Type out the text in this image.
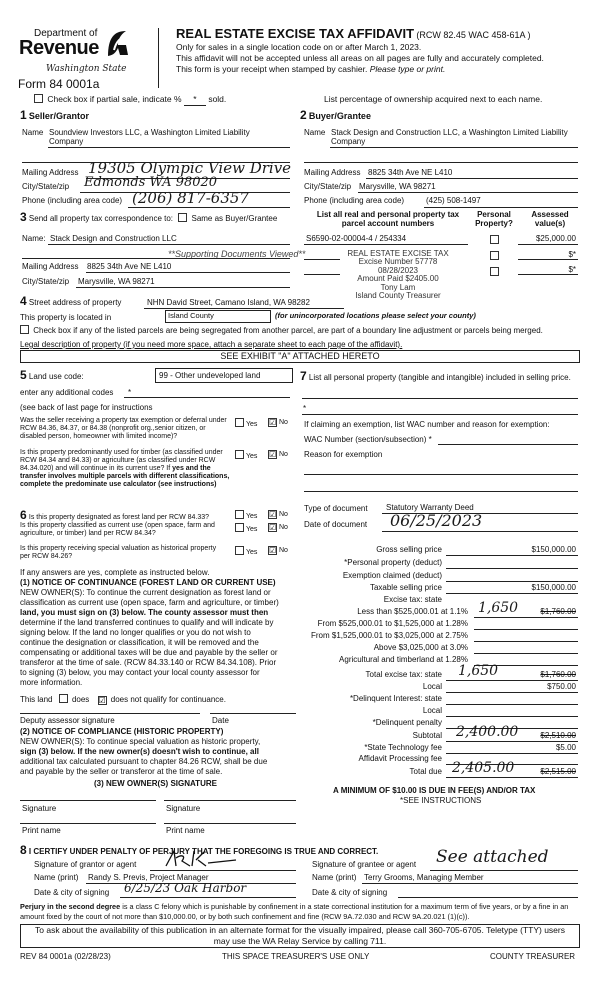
Department of
Revenue
Washington State
Form 84 0001a
REAL ESTATE EXCISE TAX AFFIDAVIT (RCW 82.45 WAC 458-61A )
Only for sales in a single location code on or after March 1, 2023.
This affidavit will not be accepted unless all areas on all pages are fully and accurately completed.
This form is your receipt when stamped by cashier. Please type or print.
Check box if partial sale, indicate % * sold.	List percentage of ownership acquired next to each name.
1 Seller/Grantor
Name Soundview Investors LLC, a Washington Limited Liability Company
Mailing Address 19305 Olympic View Drive
City/State/zip Edmonds WA 98020
Phone (including area code) (206) 817-6357
2 Buyer/Grantee
Name Stack Design and Construction LLC, a Washington Limited Liability Company
Mailing Address 8825 34th Ave NE L410
City/State/zip Marysville, WA 98271
Phone (including area code)	(425) 508-1497
3 Send all property tax correspondence to: Same as Buyer/Grantee
Name: Stack Design and Construction LLC
**Supporting Documents Viewed**
Mailing Address 8825 34th Ave NE L410
City/State/zip Marysville, WA 98271
List all real and personal property tax parcel account numbers
Personal Property?
Assessed value(s)
S6590-02-00004-4 / 254334	$25,000.00
$*
$*
REAL ESTATE EXCISE TAX
Excise Number 57778
08/28/2023
Amount Paid $2405.00
Tony Lam
Island County Treasurer
4 Street address of property	NHN David Street, Camano Island, WA 98282
This property is located in	Island County	(for unincorporated locations please select your county)
Check box if any of the listed parcels are being segregated from another parcel, are part of a boundary line adjustment or parcels being merged.
Legal description of property (if you need more space, attach a separate sheet to each page of the affidavit).
SEE EXHIBIT "A" ATTACHED HERETO
5 Land use code:	99 - Other undeveloped land
enter any additional codes *
(see back of last page for instructions
Was the seller receiving a property tax exemption or deferral under RCW 84.36, 84.37, or 84.38 (nonprofit org.,senior citizen, or disabled person, homeowner with limited income)?
Yes ☑ No
Is this property predominantly used for timber (as classified under RCW 84.34 and 84.33) or agriculture (as classified under RCW 84.34.020) and will continue in its current use? If yes and the transfer involves multiple parcels with different classifications, complete the predominate use calculator (see instructions)
Yes ☑ No
6 Is this property designated as forest land per RCW 84.33?	Yes ☑ No
Is this property classified as current use (open space, farm and agriculture, or timber) land per RCW 84.34?
Yes ☑ No
Is this property receiving special valuation as historical property per RCW 84.26?
Yes ☑ No
If any answers are yes, complete as instructed below.
(1) NOTICE OF CONTINUANCE (FOREST LAND OR CURRENT USE)
NEW OWNER(S): To continue the current designation as forest land or
classification as current use (open space, farm and agriculture, or timber)
land, you must sign on (3) below. The county assessor must then
determine if the land transferred continues to qualify and will indicate by
signing below. If the land no longer qualifies or you do not wish to
continue the designation or classification, it will be removed and the
compensating or additional taxes will be due and payable by the seller or
transferor at the time of sale. (RCW 84.33.140 or RCW 84.34.108). Prior
to signing (3) below, you may contact your local county assessor for
more information.
This land does ☑ does not qualify for continuance.
Deputy assessor signature	Date
(2) NOTICE OF COMPLIANCE (HISTORIC PROPERTY)
NEW OWNER(S): To continue special valuation as historic property,
sign (3) below. If the new owner(s) doesn't wish to continue, all
additional tax calculated pursuant to chapter 84.26 RCW, shall be due
and payable by the seller or transferor at the time of sale.
(3) NEW OWNER(S) SIGNATURE
Signature	Signature
Print name	Print name
7 List all personal property (tangible and intangible) included in selling price.
*
If claiming an exemption, list WAC number and reason for exemption:
WAC Number (section/subsection) *
Reason for exemption
Type of document Statutory Warranty Deed
Date of document 06/25/2023
Gross selling price	$150,000.00
*Personal property (deduct)
Exemption claimed (deduct)
Taxable selling price	$150,000.00
Excise tax: state
Less than $525,000.01 at 1.1% 1,650	$1,760.00
From $525,000.01 to $1,525,000 at 1.28%
From $1,525,000.01 to $3,025,000 at 2.75%
Above $3,025,000 at 3.0%
Agricultural and timberland at 1.28%
Total excise tax: state 1,650	$1,760.00
Local	$750.00
*Delinquent Interest: state
Local
*Delinquent penalty
Subtotal 2,400.00	$2,510.00
*State Technology fee	$5.00
Affidavit Processing fee
Total due 2,405.00	$2,515.00
A MINIMUM OF $10.00 IS DUE IN FEE(S) AND/OR TAX
*SEE INSTRUCTIONS
8 I CERTIFY UNDER PENALTY OF PERJURY THAT THE FOREGOING IS TRUE AND CORRECT.
Signature of grantor or agent
Name (print) Randy S. Previs, Project Manager
Date & city of signing 6/25/23 Oak Harbor
Signature of grantee or agent See attached
Name (print) Terry Grooms, Managing Member
Date & city of signing
Perjury in the second degree is a class C felony which is punishable by confinement in a state correctional institution for a maximum term of five years, or by a fine in an amount fixed by the court of not more than $10,000.00, or by both such confinement and fine (RCW 9A.72.030 and RCW 9A.20.021 (1)(c)).
To ask about the availability of this publication in an alternate format for the visually impaired, please call 360-705-6705. Teletype (TTY) users may use the WA Relay Service by calling 711.
REV 84 0001a (02/28/23)	THIS SPACE TREASURER'S USE ONLY	COUNTY TREASURER
